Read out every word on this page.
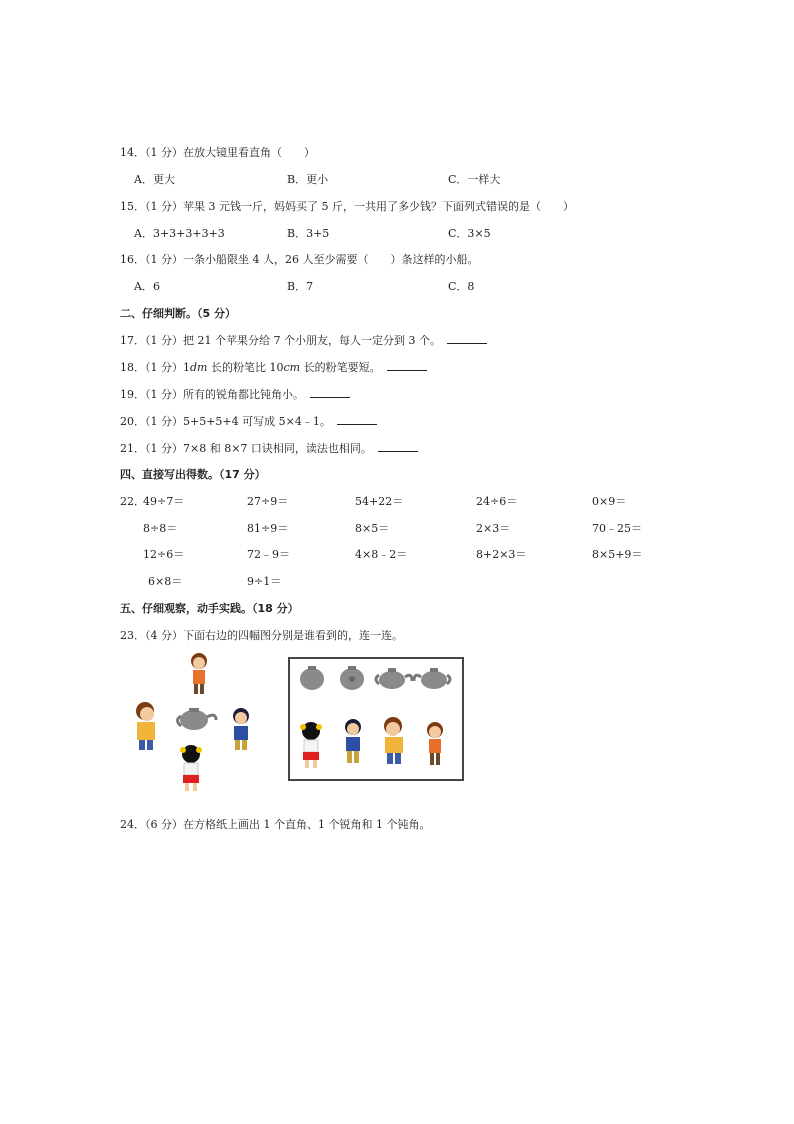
14．（1 分）在放大镜里看直角（　　）
A．更大	B．更小	C．一样大
15．（1 分）苹果 3 元钱一斤，妈妈买了 5 斤，一共用了多少钱？下面列式错误的是（　　）
A．3+3+3+3+3	B．3+5	C．3×5
16．（1 分）一条小船限坐 4 人，26 人至少需要（　　）条这样的小船。
A．6	B．7	C．8
二、仔细判断。（5 分）
17．（1 分）把 21 个苹果分给 7 个小朋友，每人一定分到 3 个。
18．（1 分）1dm 长的粉笔比 10cm 长的粉笔要短。
19．（1 分）所有的锐角都比钝角小。
20．（1 分）5+5+5+4 可写成 5×4﹣1。
21．（1 分）7×8 和 8×7 口诀相同，读法也相同。
四、直接写出得数。（17 分）
22．
49÷7＝	27÷9＝	54+22＝	24÷6＝	0×9＝
8÷8＝	81÷9＝	8×5＝	2×3＝	70﹣25＝
12÷6＝	72﹣9＝	4×8﹣2＝	8+2×3＝	8×5+9＝
6×8＝	9÷1＝
五、仔细观察，动手实践。（18 分）
23．（4 分）下面右边的四幅图分别是谁看到的，连一连。
24．（6 分）在方格纸上画出 1 个直角、1 个锐角和 1 个钝角。
